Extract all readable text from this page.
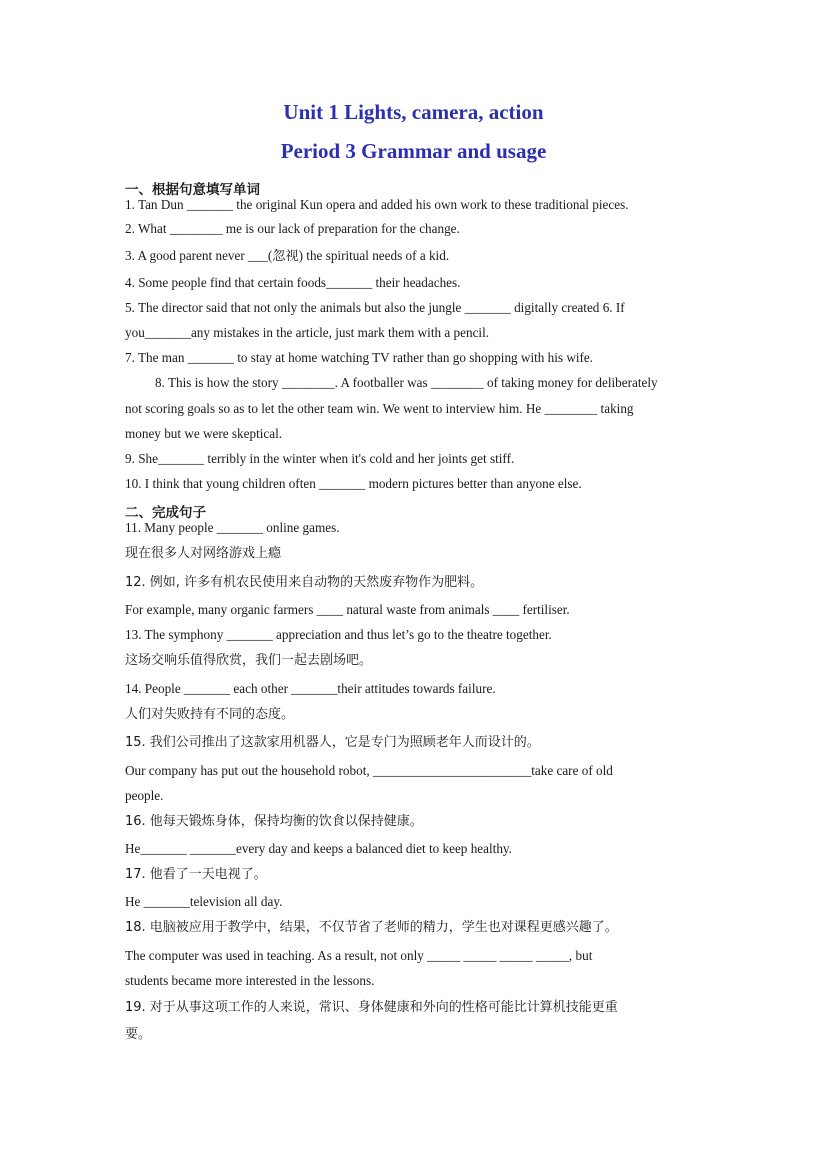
Unit 1 Lights, camera, action
Period 3 Grammar and usage
一、根据句意填写单词
1. Tan Dun _______ the original Kun opera and added his own work to these traditional pieces.
2. What ________ me is our lack of preparation for the change.
3. A good parent never ___(忽视) the spiritual needs of a kid.
4. Some people find that certain foods_______ their headaches.
5. The director said that not only the animals but also the jungle _______ digitally created 6. If
you_______any mistakes in the article, just mark them with a pencil.
7. The man _______ to stay at home watching TV rather than go shopping with his wife.
8. This is how the story ________. A footballer was ________ of taking money for deliberately
not scoring goals so as to let the other team win. We went to interview him. He ________ taking
money but we were skeptical.
9. She_______ terribly in the winter when it's cold and her joints get stiff.
10. I think that young children often _______ modern pictures better than anyone else.
二、完成句子
11. Many people _______ online games.
现在很多人对网络游戏上瘾
12. 例如, 许多有机农民使用来自动物的天然废弃物作为肥料。
For example, many organic farmers ____ natural waste from animals ____ fertiliser.
13. The symphony _______ appreciation and thus let’s go to the theatre together.
这场交响乐值得欣赏，我们一起去剧场吧。
14. People _______ each other _______their attitudes towards failure.
人们对失败持有不同的态度。
15. 我们公司推出了这款家用机器人，它是专门为照顾老年人而设计的。
Our company has put out the household robot, ________________________take care of old
people.
16. 他每天锻炼身体，保持均衡的饮食以保持健康。
He_______ _______every day and keeps a balanced diet to keep healthy.
17. 他看了一天电视了。
He _______television all day.
18. 电脑被应用于教学中，结果，不仅节省了老师的精力，学生也对课程更感兴趣了。
The computer was used in teaching. As a result, not only _____ _____ _____ _____, but
students became more interested in the lessons.
19. 对于从事这项工作的人来说，常识、身体健康和外向的性格可能比计算机技能更重
要。
